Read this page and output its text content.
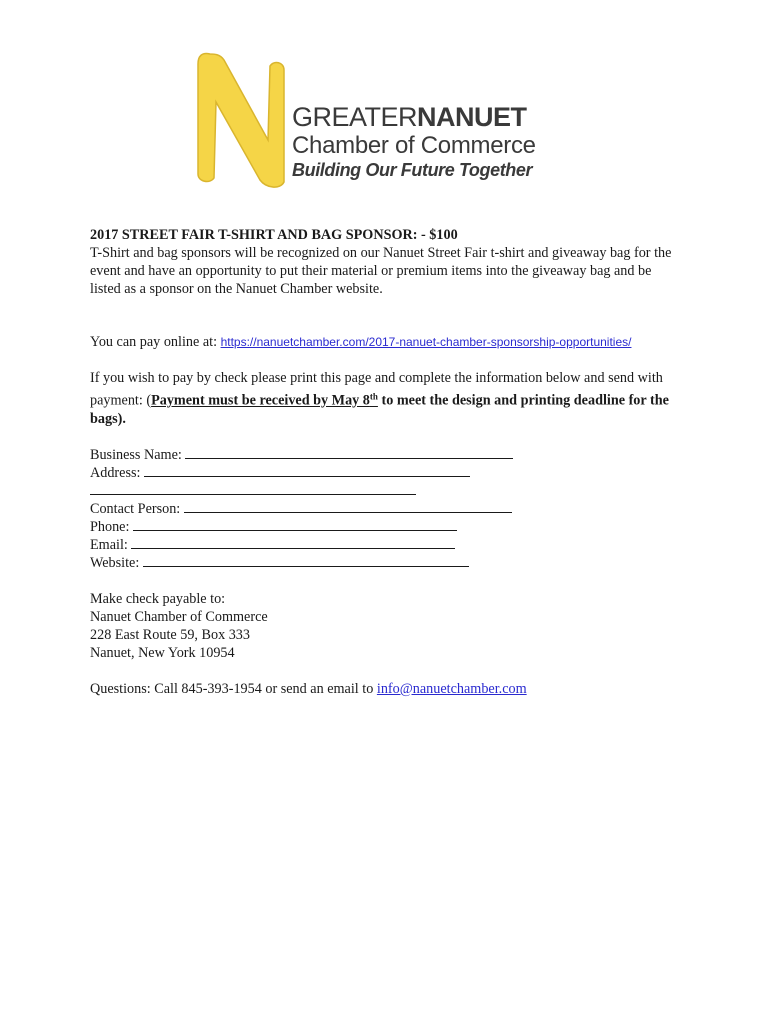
GREATERNANUET
Chamber of Commerce
Building Our Future Together

2017 STREET FAIR T-SHIRT AND BAG SPONSOR: - $100

T-Shirt and bag sponsors will be recognized on our Nanuet Street Fair t-shirt and giveaway bag for the event and have an opportunity to put their material or premium items into the giveaway bag and be listed as a sponsor on the Nanuet Chamber website.

You can pay online at: https://nanuetchamber.com/2017-nanuet-chamber-sponsorship-opportunities/

If you wish to pay by check please print this page and complete the information below and send with payment: (Payment must be received by May 8th to meet the design and printing deadline for the bags).

Business Name:
Address:
Contact Person:
Phone:
Email:
Website:
Make check payable to:
Nanuet Chamber of Commerce
228 East Route 59, Box 333
Nanuet, New York 10954

Questions: Call 845-393-1954 or send an email to info@nanuetchamber.com
